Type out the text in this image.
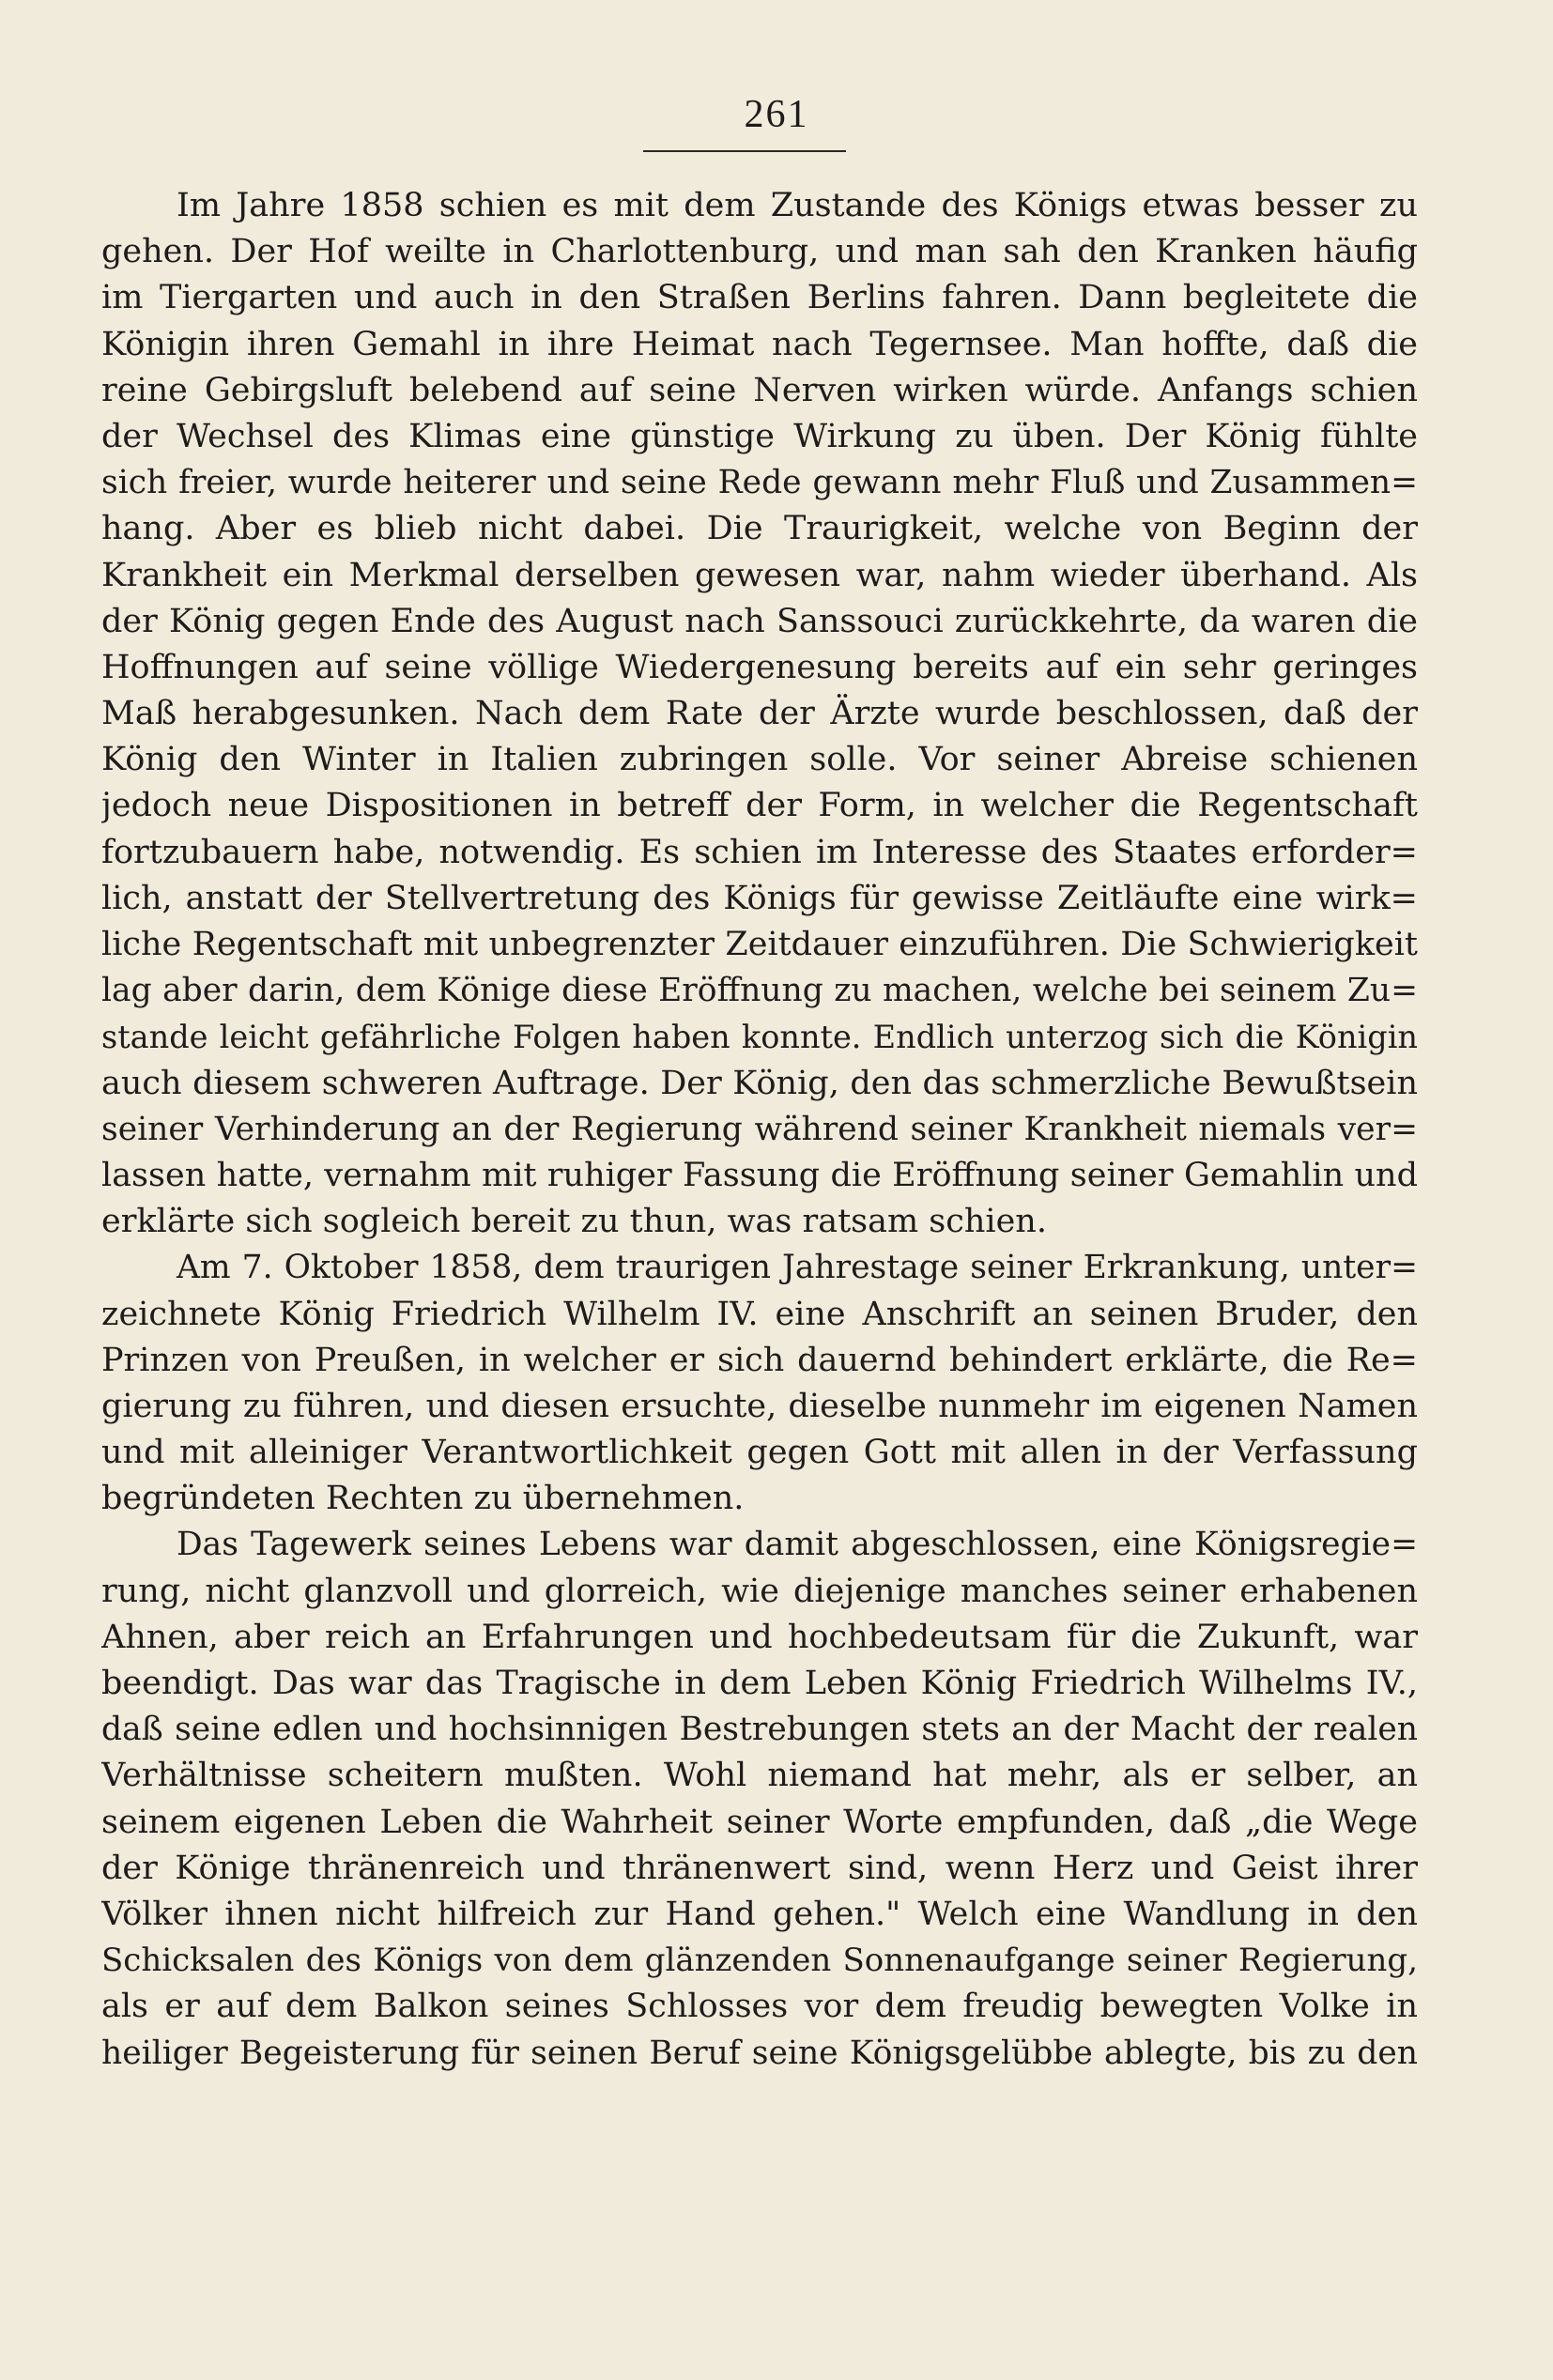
261
Im Jahre 1858 schien es mit dem Zustande des Königs etwas besser zu
gehen. Der Hof weilte in Charlottenburg, und man sah den Kranken häufig
im Tiergarten und auch in den Straßen Berlins fahren. Dann begleitete die
Königin ihren Gemahl in ihre Heimat nach Tegernsee. Man hoffte, daß die
reine Gebirgsluft belebend auf seine Nerven wirken würde. Anfangs schien
der Wechsel des Klimas eine günstige Wirkung zu üben. Der König fühlte
sich freier, wurde heiterer und seine Rede gewann mehr Fluß und Zusammen=
hang. Aber es blieb nicht dabei. Die Traurigkeit, welche von Beginn der
Krankheit ein Merkmal derselben gewesen war, nahm wieder überhand. Als
der König gegen Ende des August nach Sanssouci zurückkehrte, da waren die
Hoffnungen auf seine völlige Wiedergenesung bereits auf ein sehr geringes
Maß herabgesunken. Nach dem Rate der Ärzte wurde beschlossen, daß der
König den Winter in Italien zubringen solle. Vor seiner Abreise schienen
jedoch neue Dispositionen in betreff der Form, in welcher die Regentschaft
fortzubauern habe, notwendig. Es schien im Interesse des Staates erforder=
lich, anstatt der Stellvertretung des Königs für gewisse Zeitläufte eine wirk=
liche Regentschaft mit unbegrenzter Zeitdauer einzuführen. Die Schwierigkeit
lag aber darin, dem Könige diese Eröffnung zu machen, welche bei seinem Zu=
stande leicht gefährliche Folgen haben konnte. Endlich unterzog sich die Königin
auch diesem schweren Auftrage. Der König, den das schmerzliche Bewußtsein
seiner Verhinderung an der Regierung während seiner Krankheit niemals ver=
lassen hatte, vernahm mit ruhiger Fassung die Eröffnung seiner Gemahlin und
erklärte sich sogleich bereit zu thun, was ratsam schien.
Am 7. Oktober 1858, dem traurigen Jahrestage seiner Erkrankung, unter=
zeichnete König Friedrich Wilhelm IV. eine Anschrift an seinen Bruder, den
Prinzen von Preußen, in welcher er sich dauernd behindert erklärte, die Re=
gierung zu führen, und diesen ersuchte, dieselbe nunmehr im eigenen Namen
und mit alleiniger Verantwortlichkeit gegen Gott mit allen in der Verfassung
begründeten Rechten zu übernehmen.
Das Tagewerk seines Lebens war damit abgeschlossen, eine Königsregie=
rung, nicht glanzvoll und glorreich, wie diejenige manches seiner erhabenen
Ahnen, aber reich an Erfahrungen und hochbedeutsam für die Zukunft, war
beendigt. Das war das Tragische in dem Leben König Friedrich Wilhelms IV.,
daß seine edlen und hochsinnigen Bestrebungen stets an der Macht der realen
Verhältnisse scheitern mußten. Wohl niemand hat mehr, als er selber, an
seinem eigenen Leben die Wahrheit seiner Worte empfunden, daß „die Wege
der Könige thränenreich und thränenwert sind, wenn Herz und Geist ihrer
Völker ihnen nicht hilfreich zur Hand gehen." Welch eine Wandlung in den
Schicksalen des Königs von dem glänzenden Sonnenaufgange seiner Regierung,
als er auf dem Balkon seines Schlosses vor dem freudig bewegten Volke in
heiliger Begeisterung für seinen Beruf seine Königsgelübbe ablegte, bis zu den
